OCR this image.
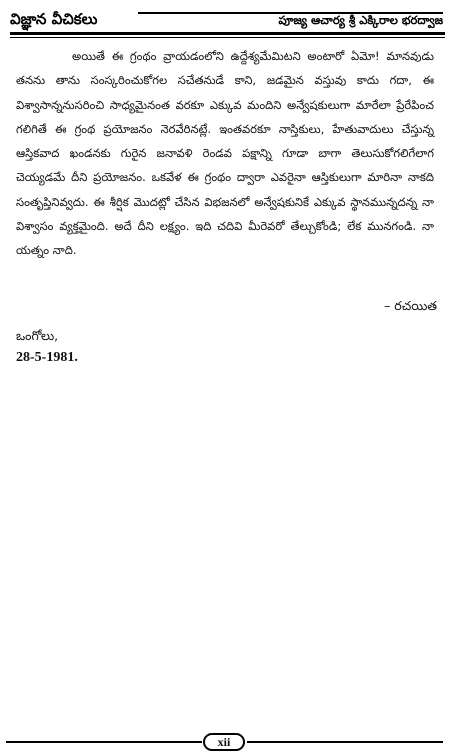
విజ్ఞాన వీచికలు	పూజ్య ఆచార్య శ్రీ ఎక్కిరాల భరద్వాజ
అయితే ఈ గ్రంథం వ్రాయడంలోని ఉద్దేశ్యమేమిటని అంటారో ఏమో! మానవుడు తనను తాను సంస్కరించుకోగల సచేతనుడే కాని, జడమైన వస్తువు కాదు గదా, ఈ విశ్వాసాన్ననుసరించి సాధ్యమైనంత వరకూ ఎక్కువ మందిని అన్వేషకులుగా మారేలా ప్రేరేపించ గలిగితే ఈ గ్రంథ ప్రయోజనం నెరవేరినట్లే. ఇంతవరకూ నాస్తికులు, హేతువాదులు చేస్తున్న ఆస్తికవాద ఖండనకు గురైన జనావళి రెండవ పక్షాన్ని గూడా బాగా తెలుసుకోగలిగేలాగ చెయ్యడమే దీని ప్రయోజనం. ఒకవేళ ఈ గ్రంథం ద్వారా ఎవరైనా ఆస్తికులుగా మారినా నాకది సంతృప్తినివ్వదు. ఈ శీర్షిక మొదట్లో చేసిన విభజనలో అన్వేషకునికే ఎక్కువ స్థానమున్నదన్న నా విశ్వాసం వ్యక్తమైంది. అదే దీని లక్ష్యం. ఇది చదివి మీరెవరో తేల్చుకోండి; లేక మునగండి. నా యత్నం నాది.
– రచయిత
ఒంగోలు,
28-5-1981.
xii
